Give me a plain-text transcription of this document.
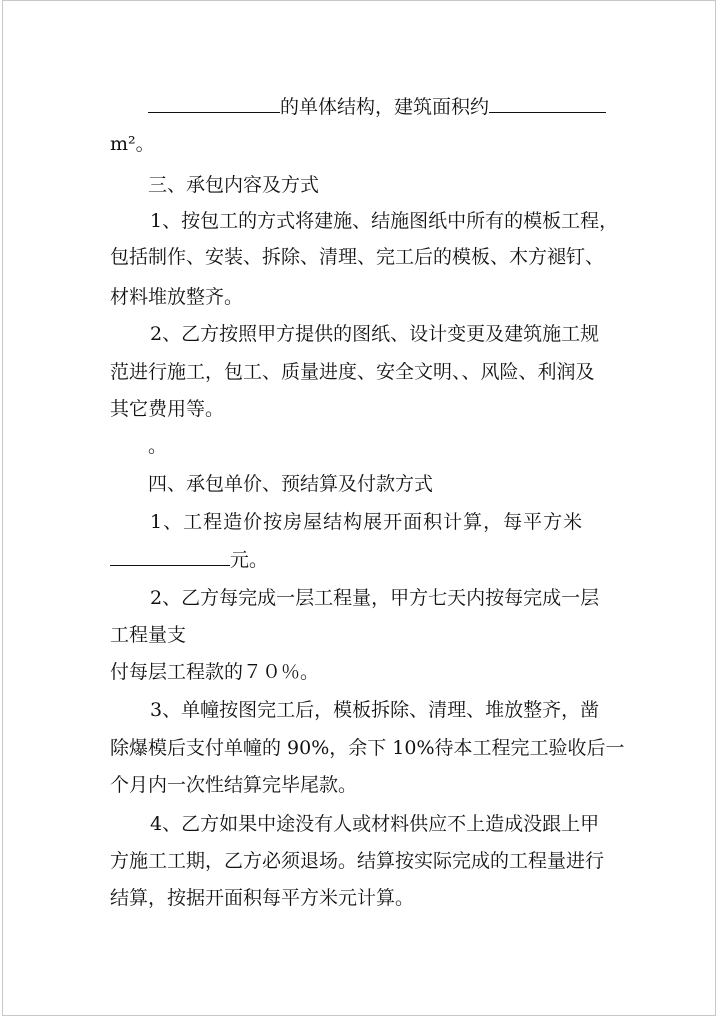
的单体结构，建筑面积约
m²。
三、承包内容及方式
1、按包工的方式将建施、结施图纸中所有的模板工程，
包括制作、安装、拆除、清理、完工后的模板、木方褪钉、
材料堆放整齐。
2、乙方按照甲方提供的图纸、设计变更及建筑施工规
范进行施工，包工、质量进度、安全文明、、风险、利润及
其它费用等。
。
四、承包单价、预结算及付款方式
1、工程造价按房屋结构展开面积计算，每平方米
元。
2、乙方每完成一层工程量，甲方七天内按每完成一层
工程量支
付每层工程款的７０％。
3、单幢按图完工后，模板拆除、清理、堆放整齐，凿
除爆模后支付单幢的 90%，余下 10%待本工程完工验收后一
个月内一次性结算完毕尾款。
4、乙方如果中途没有人或材料供应不上造成没跟上甲
方施工工期，乙方必须退场。结算按实际完成的工程量进行
结算，按据开面积每平方米元计算。
